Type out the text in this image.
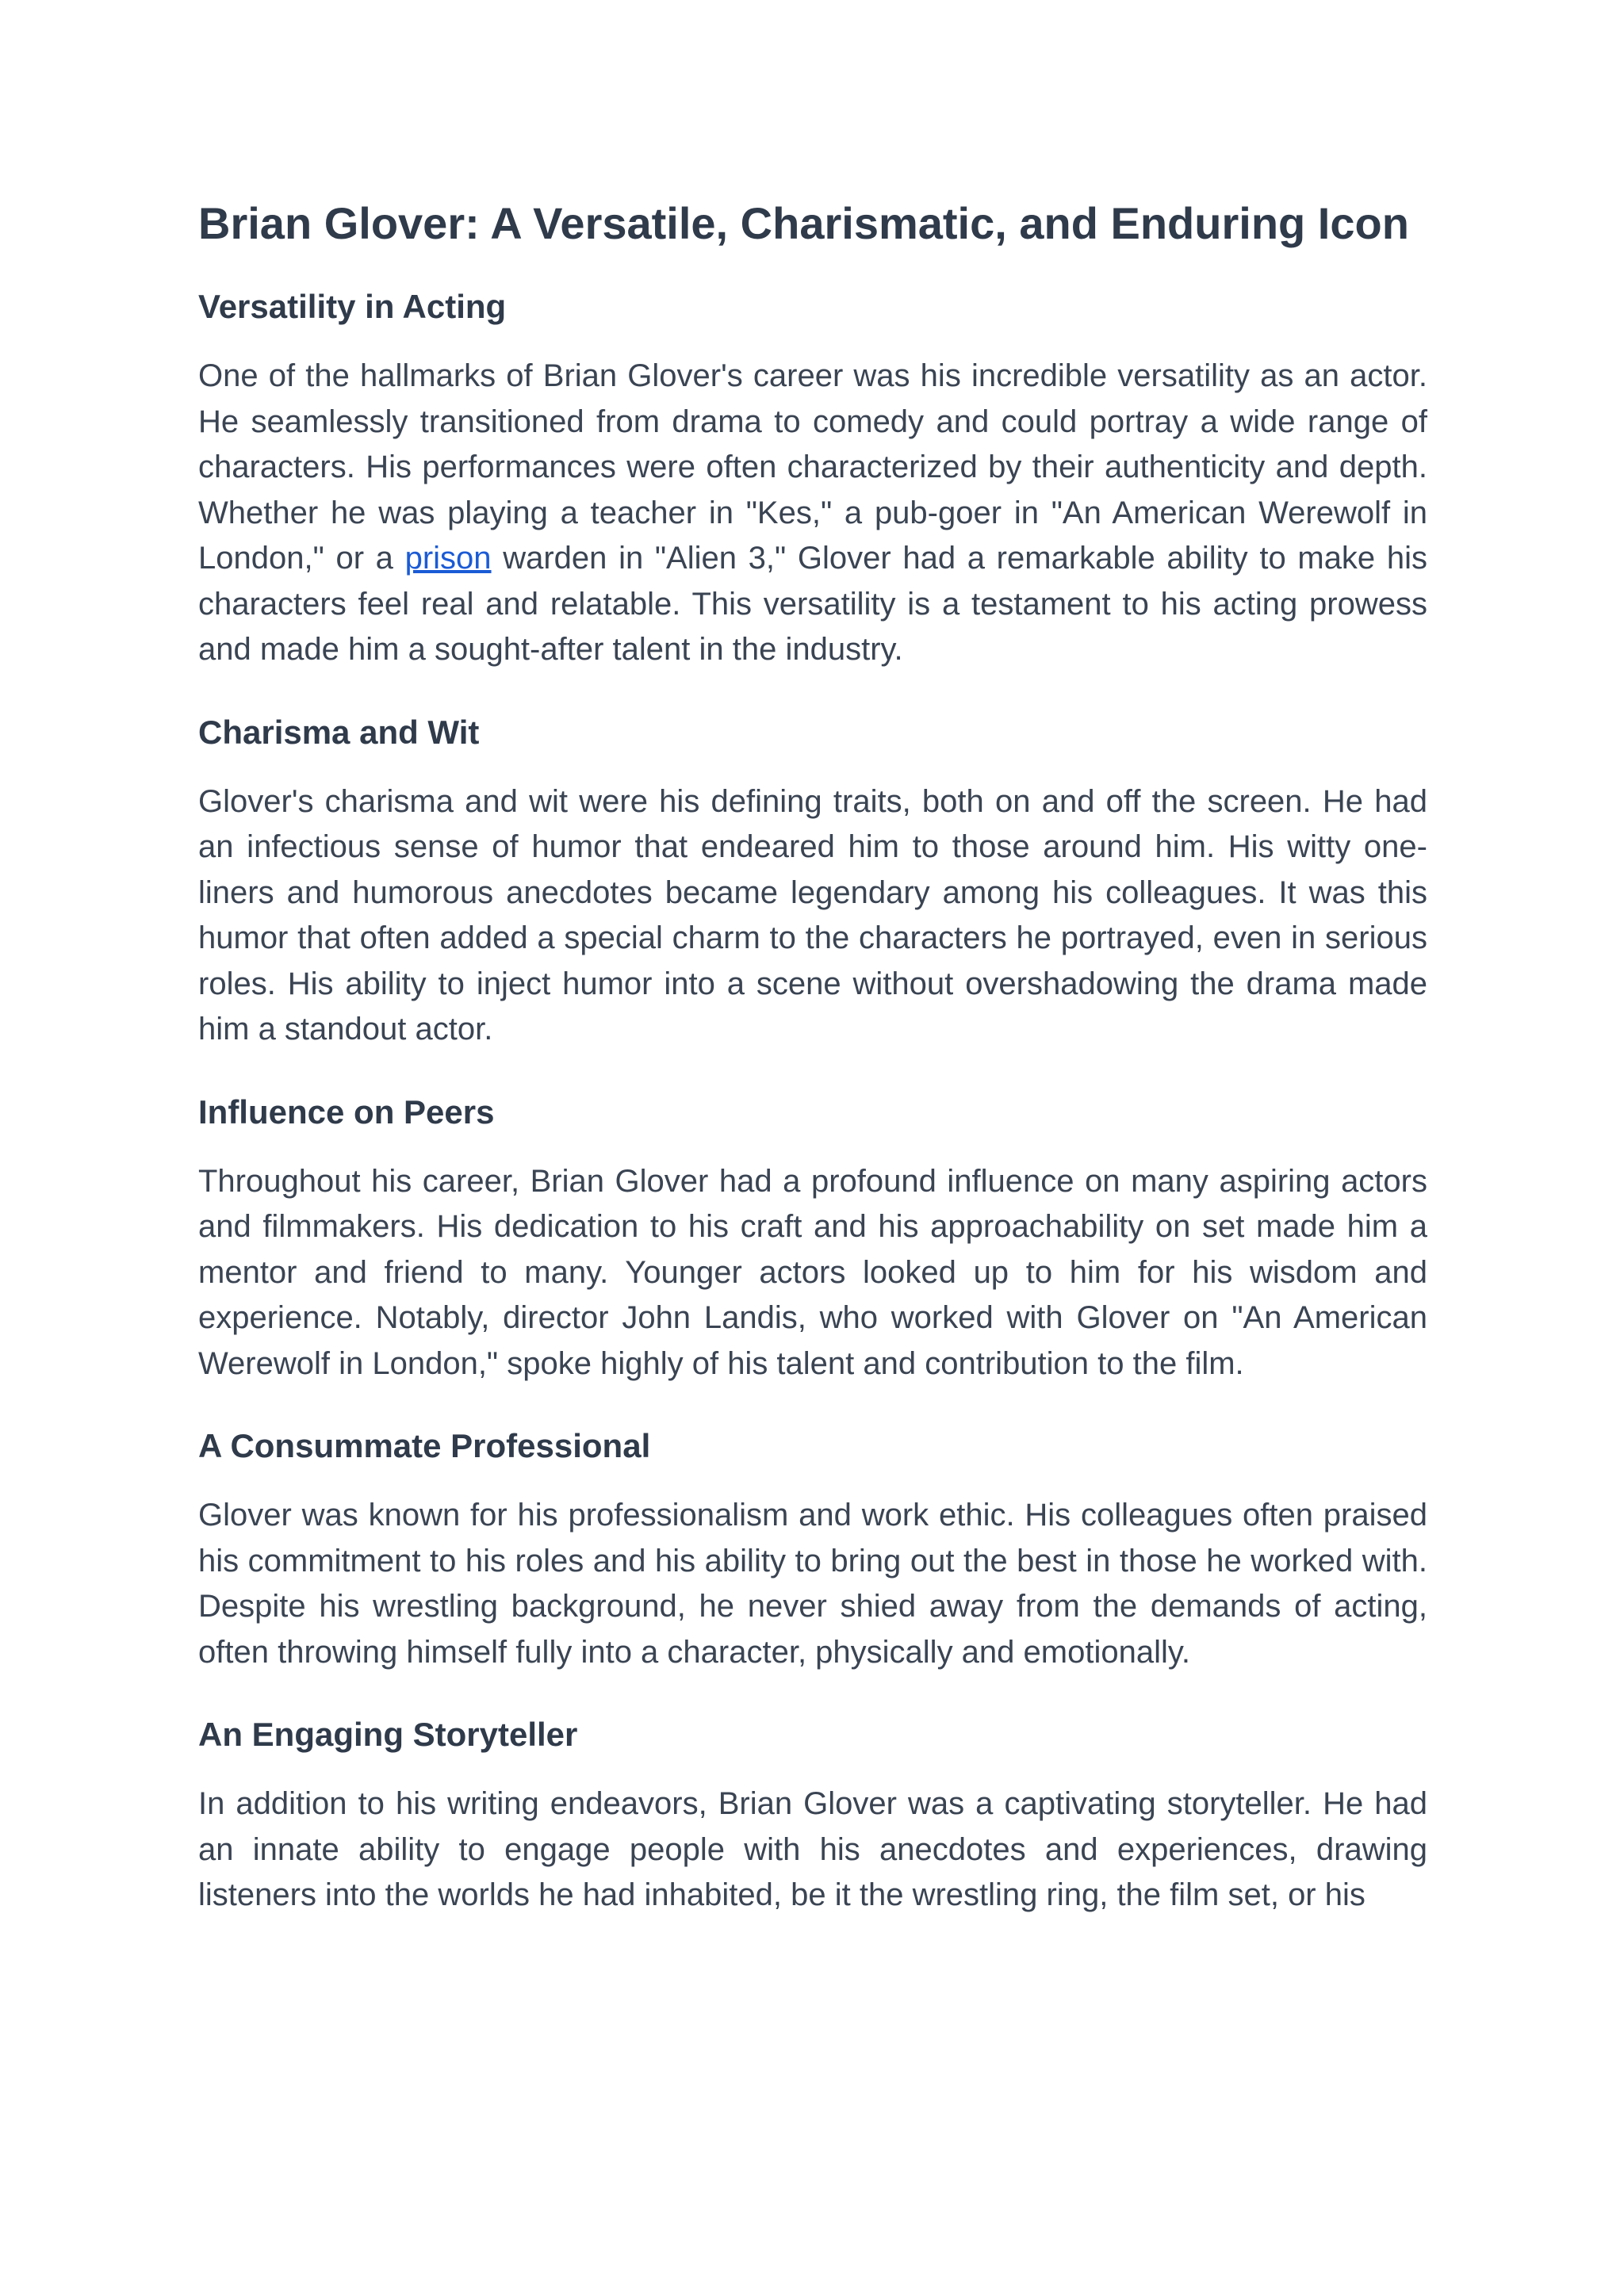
Brian Glover: A Versatile, Charismatic, and Enduring Icon
Versatility in Acting

One of the hallmarks of Brian Glover's career was his incredible versatility as an actor. He seamlessly transitioned from drama to comedy and could portray a wide range of characters. His performances were often characterized by their authenticity and depth. Whether he was playing a teacher in "Kes," a pub-goer in "An American Werewolf in London," or a prison warden in "Alien 3," Glover had a remarkable ability to make his characters feel real and relatable. This versatility is a testament to his acting prowess and made him a sought-after talent in the industry.

Charisma and Wit

Glover's charisma and wit were his defining traits, both on and off the screen. He had an infectious sense of humor that endeared him to those around him. His witty one-liners and humorous anecdotes became legendary among his colleagues. It was this humor that often added a special charm to the characters he portrayed, even in serious roles. His ability to inject humor into a scene without overshadowing the drama made him a standout actor.

Influence on Peers

Throughout his career, Brian Glover had a profound influence on many aspiring actors and filmmakers. His dedication to his craft and his approachability on set made him a mentor and friend to many. Younger actors looked up to him for his wisdom and experience. Notably, director John Landis, who worked with Glover on "An American Werewolf in London," spoke highly of his talent and contribution to the film.

A Consummate Professional

Glover was known for his professionalism and work ethic. His colleagues often praised his commitment to his roles and his ability to bring out the best in those he worked with. Despite his wrestling background, he never shied away from the demands of acting, often throwing himself fully into a character, physically and emotionally.

An Engaging Storyteller

In addition to his writing endeavors, Brian Glover was a captivating storyteller. He had an innate ability to engage people with his anecdotes and experiences, drawing listeners into the worlds he had inhabited, be it the wrestling ring, the film set, or his
